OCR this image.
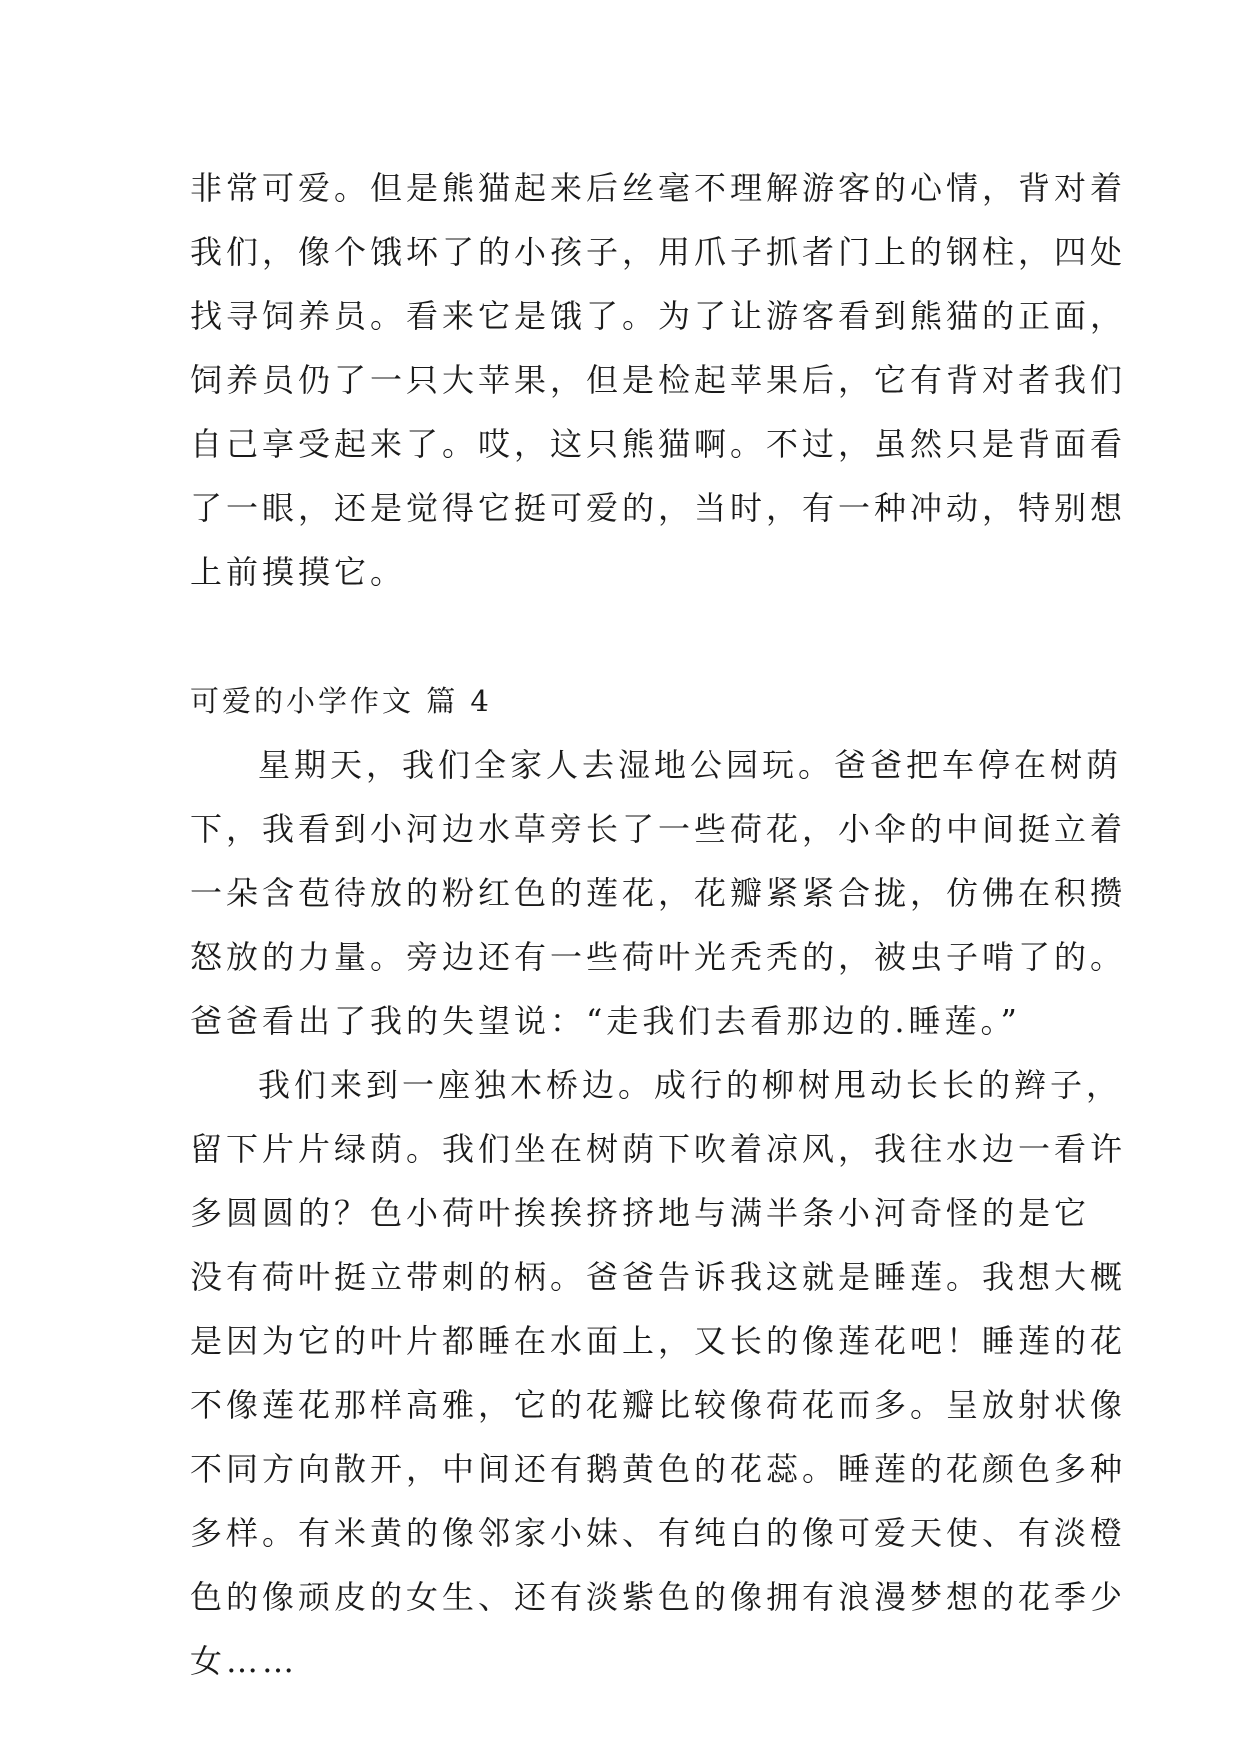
非常可爱。但是熊猫起来后丝毫不理解游客的心情，背对着
我们，像个饿坏了的小孩子，用爪子抓者门上的钢柱，四处
找寻饲养员。看来它是饿了。为了让游客看到熊猫的正面，
饲养员仍了一只大苹果，但是检起苹果后，它有背对者我们
自己享受起来了。哎，这只熊猫啊。不过，虽然只是背面看
了一眼，还是觉得它挺可爱的，当时，有一种冲动，特别想
上前摸摸它。
可爱的小学作文 篇 4
星期天，我们全家人去湿地公园玩。爸爸把车停在树荫
下，我看到小河边水草旁长了一些荷花，小伞的中间挺立着
一朵含苞待放的粉红色的莲花，花瓣紧紧合拢，仿佛在积攒
怒放的力量。旁边还有一些荷叶光秃秃的，被虫子啃了的。
爸爸看出了我的失望说：“走我们去看那边的.睡莲。”
我们来到一座独木桥边。成行的柳树甩动长长的辫子，
留下片片绿荫。我们坐在树荫下吹着凉风，我往水边一看许
多圆圆的？色小荷叶挨挨挤挤地与满半条小河奇怪的是它
没有荷叶挺立带刺的柄。爸爸告诉我这就是睡莲。我想大概
是因为它的叶片都睡在水面上，又长的像莲花吧！睡莲的花
不像莲花那样高雅，它的花瓣比较像荷花而多。呈放射状像
不同方向散开，中间还有鹅黄色的花蕊。睡莲的花颜色多种
多样。有米黄的像邻家小妹、有纯白的像可爱天使、有淡橙
色的像顽皮的女生、还有淡紫色的像拥有浪漫梦想的花季少
女……
